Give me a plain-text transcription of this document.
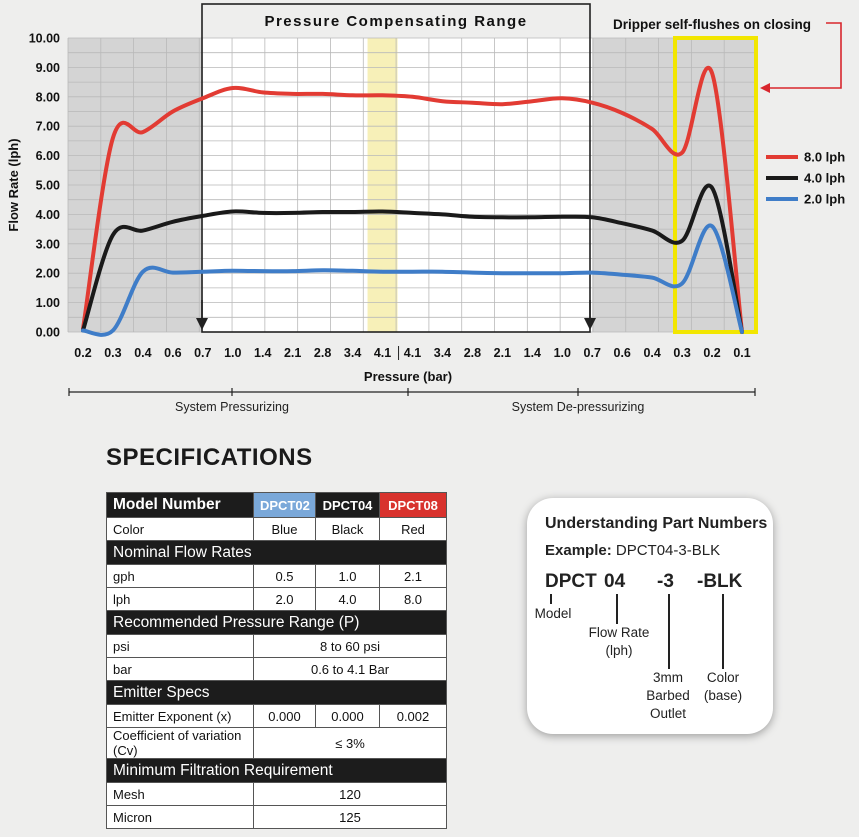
Pressure Compensating Range	Dripper self-flushes on closing
0.00
1.00
2.00
3.00
4.00
5.00
6.00
7.00
8.00
9.00
10.00
Flow Rate (lph)
0.2 0.3 0.4 0.6 0.7 1.0 1.4 2.1 2.8 3.4 4.1 4.1 3.4 2.8 2.1 1.4 1.0 0.7 0.6 0.4 0.3 0.2 0.1
Pressure (bar)
System Pressurizing	System De-pressurizing
8.0 lph
4.0 lph
2.0 lph
SPECIFICATIONS
Model Number	DPCT02	DPCT04	DPCT08
Color	Blue	Black	Red
Nominal Flow Rates			
gph	0.5	1.0	2.1
lph	2.0	4.0	8.0
Recommended Pressure Range (P)			
psi	8 to 60 psi		
bar	0.6 to 4.1 Bar		
Emitter Specs			
Emitter Exponent (x)	0.000	0.000	0.002
Coefficient of variation (Cv)	≤ 3%		
Minimum Filtration Requirement			
Mesh	120		
Micron	125		
Understanding Part Numbers
Example: DPCT04-3-BLK
DPCT 04 -3 -BLK
Model
Flow Rate (lph)
3mm Barbed Outlet
Color (base)
